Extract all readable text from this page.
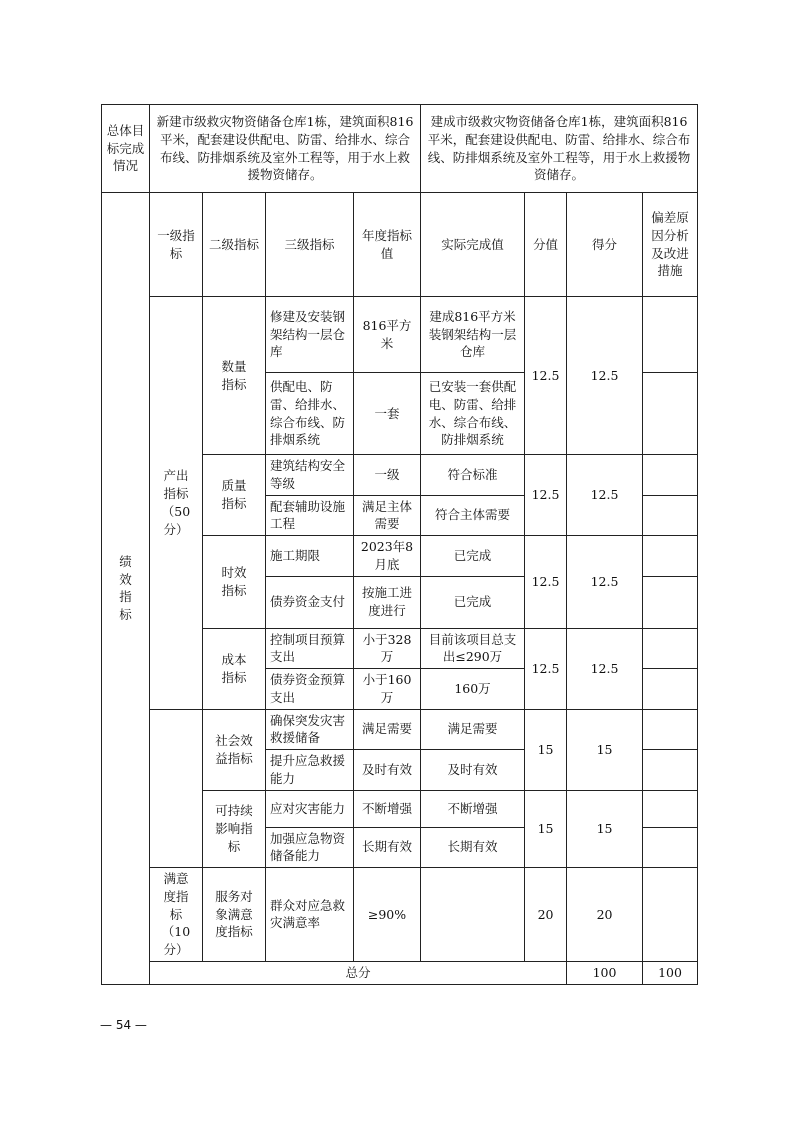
总体目标完成情况	新建市级救灾物资储备仓库1栋，建筑面积816平米，配套建设供配电、防雷、给排水、综合布线、防排烟系统及室外工程等，用于水上救援物资储存。				建成市级救灾物资储备仓库1栋，建筑面积816平米，配套建设供配电、防雷、给排水、综合布线、防排烟系统及室外工程等，用于水上救援物资储存。				
绩效指标	一级指标	二级指标	三级指标	年度指标值	实际完成值	分值	得分	偏差原因分析及改进措施	
	产出指标（50分）	数量指标	修建及安装钢架结构一层仓库	816平方米	建成816平方米装钢架结构一层仓库	12.5	12.5		
			供配电、防雷、给排水、综合布线、防排烟系统	一套	已安装一套供配电、防雷、给排水、综合布线、防排烟系统				
		质量指标	建筑结构安全等级	一级	符合标准	12.5	12.5		
			配套辅助设施工程	满足主体需要	符合主体需要				
		时效指标	施工期限	2023年8月底	已完成	12.5	12.5		
			债券资金支付	按施工进度进行	已完成				
		成本指标	控制项目预算支出	小于328万	目前该项目总支出≤290万	12.5	12.5		
			债券资金预算支出	小于160万	160万				
		社会效益指标	确保突发灾害救援储备	满足需要	满足需要	15	15		
			提升应急救援能力	及时有效	及时有效				
		可持续影响指标	应对灾害能力	不断增强	不断增强	15	15		
			加强应急物资储备能力	长期有效	长期有效				
	满意度指标（10分）	服务对象满意度指标	群众对应急救灾满意率	≥90%		20	20		
	总分						100	100	
— 54 —
